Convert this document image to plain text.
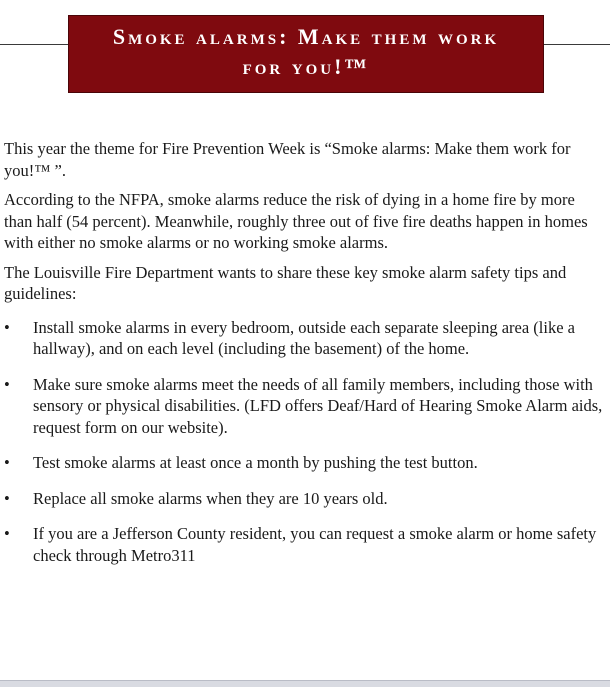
Smoke alarms: Make them work for you!™

This year the theme for Fire Prevention Week is “Smoke alarms: Make them work for you!™ ”.

According to the NFPA, smoke alarms reduce the risk of dying in a home fire by more than half (54 percent). Meanwhile, roughly three out of five fire deaths happen in homes with either no smoke alarms or no working smoke alarms.

The Louisville Fire Department wants to share these key smoke alarm safety tips and guidelines:

• Install smoke alarms in every bedroom, outside each separate sleeping area (like a hallway), and on each level (including the basement) of the home.
• Make sure smoke alarms meet the needs of all family members, including those with sensory or physical disabilities. (LFD offers Deaf/Hard of Hearing Smoke Alarm aids, request form on our website).
• Test smoke alarms at least once a month by pushing the test button.
• Replace all smoke alarms when they are 10 years old.
• If you are a Jefferson County resident, you can request a smoke alarm or home safety check through Metro311
